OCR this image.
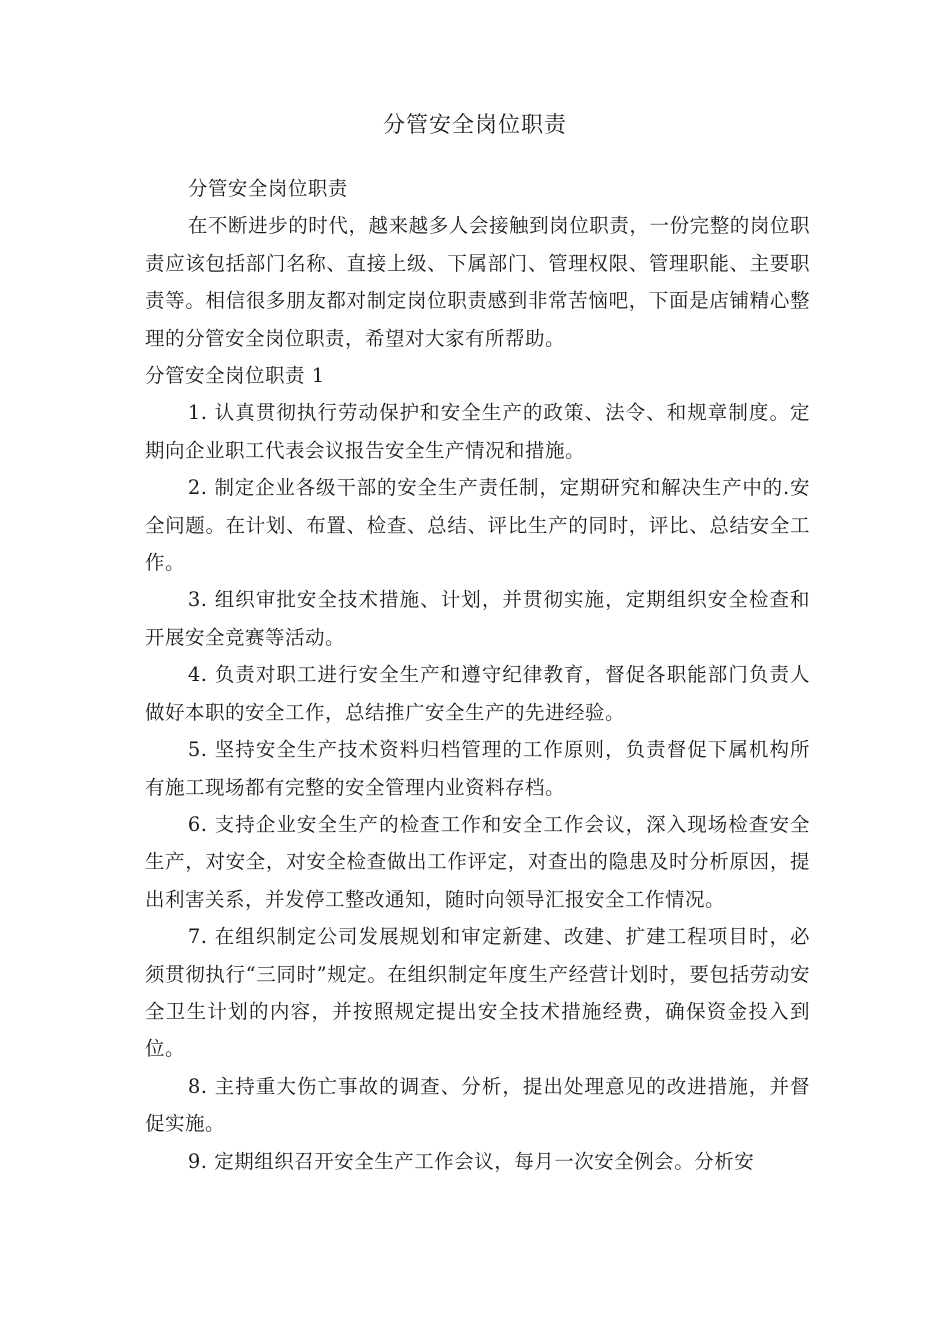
分管安全岗位职责

分管安全岗位职责

在不断进步的时代，越来越多人会接触到岗位职责，一份完整的岗位职责应该包括部门名称、直接上级、下属部门、管理权限、管理职能、主要职责等。相信很多朋友都对制定岗位职责感到非常苦恼吧，下面是店铺精心整理的分管安全岗位职责，希望对大家有所帮助。

分管安全岗位职责 1

1. 认真贯彻执行劳动保护和安全生产的政策、法令、和规章制度。定期向企业职工代表会议报告安全生产情况和措施。

2. 制定企业各级干部的安全生产责任制，定期研究和解决生产中的.安全问题。在计划、布置、检查、总结、评比生产的同时，评比、总结安全工作。

3. 组织审批安全技术措施、计划，并贯彻实施，定期组织安全检查和开展安全竞赛等活动。

4. 负责对职工进行安全生产和遵守纪律教育，督促各职能部门负责人做好本职的安全工作，总结推广安全生产的先进经验。

5. 坚持安全生产技术资料归档管理的工作原则，负责督促下属机构所有施工现场都有完整的安全管理内业资料存档。

6. 支持企业安全生产的检查工作和安全工作会议，深入现场检查安全生产，对安全，对安全检查做出工作评定，对查出的隐患及时分析原因，提出利害关系，并发停工整改通知，随时向领导汇报安全工作情况。

7. 在组织制定公司发展规划和审定新建、改建、扩建工程项目时，必须贯彻执行“三同时”规定。在组织制定年度生产经营计划时，要包括劳动安全卫生计划的内容，并按照规定提出安全技术措施经费，确保资金投入到位。

8. 主持重大伤亡事故的调查、分析，提出处理意见的改进措施，并督促实施。

9. 定期组织召开安全生产工作会议，每月一次安全例会。分析安
